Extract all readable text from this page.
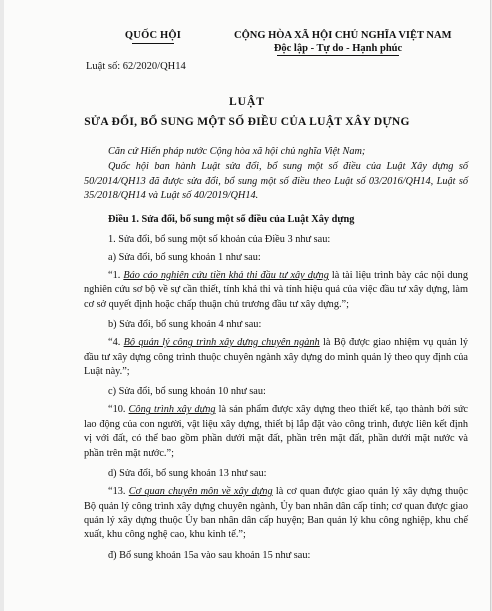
QUỐC HỘI
Luật số: 62/2020/QH14
CỘNG HÒA XÃ HỘI CHỦ NGHĨA VIỆT NAM
Độc lập - Tự do - Hạnh phúc
LUẬT
SỬA ĐỔI, BỔ SUNG MỘT SỐ ĐIỀU CỦA LUẬT XÂY DỰNG

Căn cứ Hiến pháp nước Cộng hòa xã hội chủ nghĩa Việt Nam;

Quốc hội ban hành Luật sửa đổi, bổ sung một số điều của Luật Xây dựng số 50/2014/QH13 đã được sửa đổi, bổ sung một số điều theo Luật số 03/2016/QH14, Luật số 35/2018/QH14 và Luật số 40/2019/QH14.

Điều 1. Sửa đổi, bổ sung một số điều của Luật Xây dựng

1. Sửa đổi, bổ sung một số khoản của Điều 3 như sau:

a) Sửa đổi, bổ sung khoản 1 như sau:

“1. Báo cáo nghiên cứu tiền khả thi đầu tư xây dựng là tài liệu trình bày các nội dung nghiên cứu sơ bộ về sự cần thiết, tính khả thi và tính hiệu quả của việc đầu tư xây dựng, làm cơ sở quyết định hoặc chấp thuận chủ trương đầu tư xây dựng.”;

b) Sửa đổi, bổ sung khoản 4 như sau:

“4. Bộ quản lý công trình xây dựng chuyên ngành là Bộ được giao nhiệm vụ quản lý đầu tư xây dựng công trình thuộc chuyên ngành xây dựng do mình quản lý theo quy định của Luật này.”;

c) Sửa đổi, bổ sung khoản 10 như sau:

“10. Công trình xây dựng là sản phẩm được xây dựng theo thiết kế, tạo thành bởi sức lao động của con người, vật liệu xây dựng, thiết bị lắp đặt vào công trình, được liên kết định vị với đất, có thể bao gồm phần dưới mặt đất, phần trên mặt đất, phần dưới mặt nước và phần trên mặt nước.”;

d) Sửa đổi, bổ sung khoản 13 như sau:

“13. Cơ quan chuyên môn về xây dựng là cơ quan được giao quản lý xây dựng thuộc Bộ quản lý công trình xây dựng chuyên ngành, Ủy ban nhân dân cấp tỉnh; cơ quan được giao quản lý xây dựng thuộc Ủy ban nhân dân cấp huyện; Ban quản lý khu công nghiệp, khu chế xuất, khu công nghệ cao, khu kinh tế.”;

đ) Bổ sung khoản 15a vào sau khoản 15 như sau:
